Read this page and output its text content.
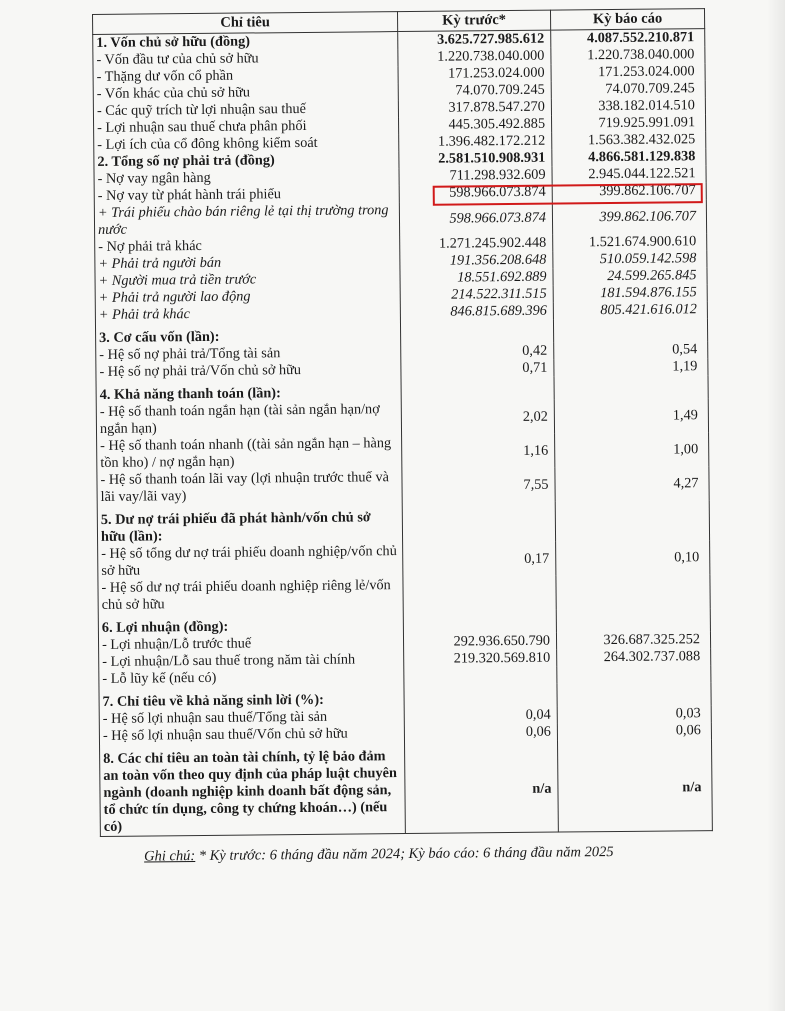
Chỉ tiêu	Kỳ trước*	Kỳ báo cáo
1. Vốn chủ sở hữu (đồng)	3.625.727.985.612	4.087.552.210.871
- Vốn đầu tư của chủ sở hữu	1.220.738.040.000	1.220.738.040.000
- Thặng dư vốn cổ phần	171.253.024.000	171.253.024.000
- Vốn khác của chủ sở hữu	74.070.709.245	74.070.709.245
- Các quỹ trích từ lợi nhuận sau thuế	317.878.547.270	338.182.014.510
- Lợi nhuận sau thuế chưa phân phối	445.305.492.885	719.925.991.091
- Lợi ích của cổ đông không kiểm soát	1.396.482.172.212	1.563.382.432.025
2. Tổng số nợ phải trả (đồng)	2.581.510.908.931	4.866.581.129.838
- Nợ vay ngân hàng	711.298.932.609	2.945.044.122.521
- Nợ vay từ phát hành trái phiếu	598.966.073.874	399.862.106.707
+ Trái phiếu chào bán riêng lẻ tại thị trường trong nước	598.966.073.874	399.862.106.707
- Nợ phải trả khác	1.271.245.902.448	1.521.674.900.610
+ Phải trả người bán	191.356.208.648	510.059.142.598
+ Người mua trả tiền trước	18.551.692.889	24.599.265.845
+ Phải trả người lao động	214.522.311.515	181.594.876.155
+ Phải trả khác	846.815.689.396	805.421.616.012
3. Cơ cấu vốn (lần):		
- Hệ số nợ phải trả/Tổng tài sản	0,42	0,54
- Hệ số nợ phải trả/Vốn chủ sở hữu	0,71	1,19
4. Khả năng thanh toán (lần):		
- Hệ số thanh toán ngắn hạn (tài sản ngắn hạn/nợ ngắn hạn)	2,02	1,49
- Hệ số thanh toán nhanh ((tài sản ngắn hạn – hàng tồn kho) / nợ ngắn hạn)	1,16	1,00
- Hệ số thanh toán lãi vay (lợi nhuận trước thuế và lãi vay/lãi vay)	7,55	4,27
5. Dư nợ trái phiếu đã phát hành/vốn chủ sở hữu (lần):		
- Hệ số tổng dư nợ trái phiếu doanh nghiệp/vốn chủ sở hữu	0,17	0,10
- Hệ số dư nợ trái phiếu doanh nghiệp riêng lẻ/vốn chủ sở hữu		
6. Lợi nhuận (đồng):		
- Lợi nhuận/Lỗ trước thuế	292.936.650.790	326.687.325.252
- Lợi nhuận/Lỗ sau thuế trong năm tài chính	219.320.569.810	264.302.737.088
- Lỗ lũy kế (nếu có)		
7. Chỉ tiêu về khả năng sinh lời (%):		
- Hệ số lợi nhuận sau thuế/Tổng tài sản	0,04	0,03
- Hệ số lợi nhuận sau thuế/Vốn chủ sở hữu	0,06	0,06
8. Các chỉ tiêu an toàn tài chính, tỷ lệ bảo đảm an toàn vốn theo quy định của pháp luật chuyên ngành (doanh nghiệp kinh doanh bất động sản, tổ chức tín dụng, công ty chứng khoán…) (nếu có)	n/a	n/a
Ghi chú: * Kỳ trước: 6 tháng đầu năm 2024; Kỳ báo cáo: 6 tháng đầu năm 2025
